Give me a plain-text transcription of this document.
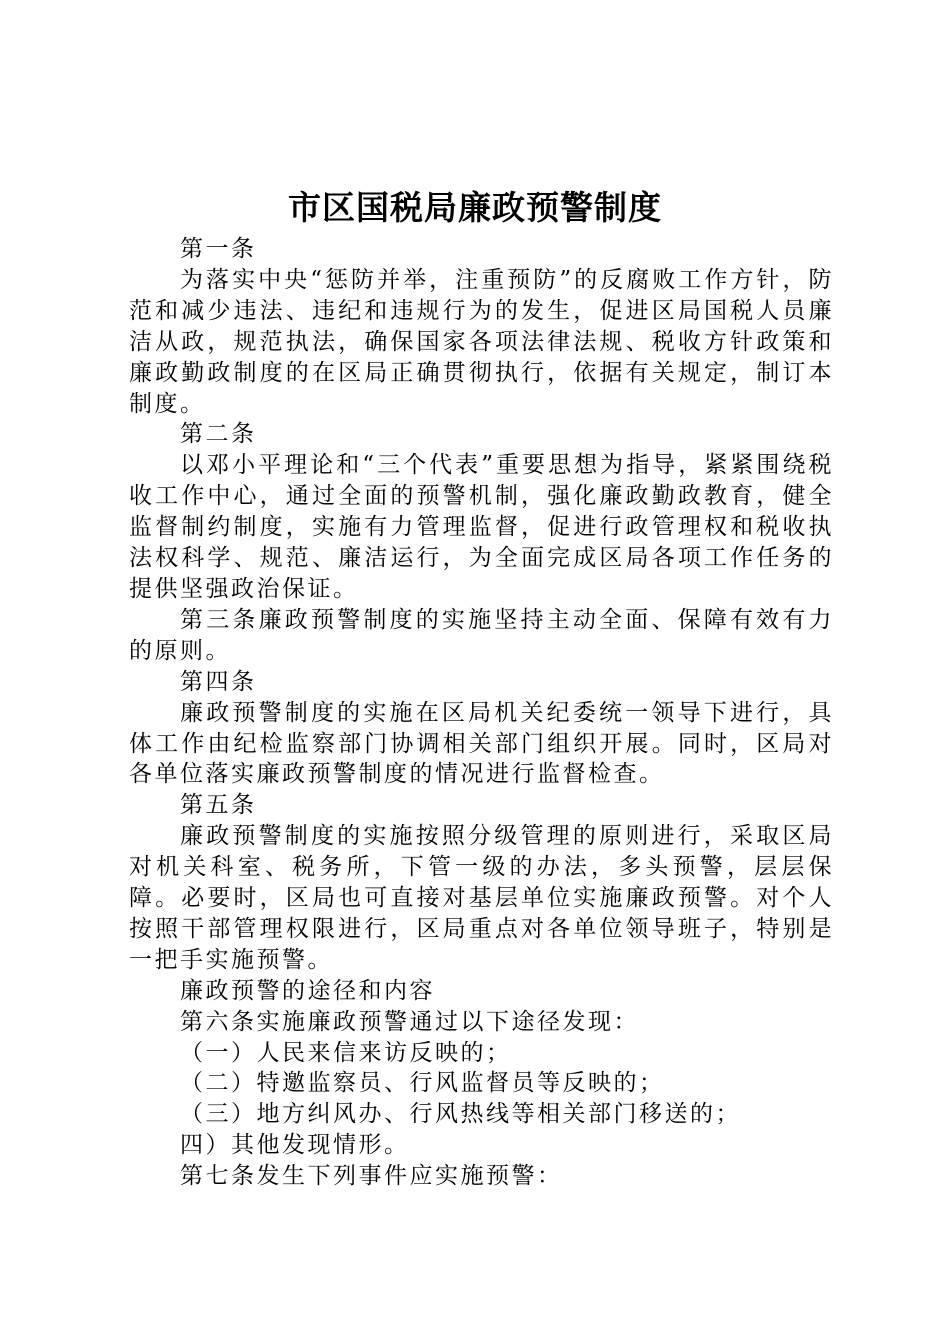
市区国税局廉政预警制度

第一条

为落实中央“惩防并举，注重预防”的反腐败工作方针，防范和减少违法、违纪和违规行为的发生，促进区局国税人员廉洁从政，规范执法，确保国家各项法律法规、税收方针政策和廉政勤政制度的在区局正确贯彻执行，依据有关规定，制订本制度。

第二条

以邓小平理论和“三个代表”重要思想为指导，紧紧围绕税收工作中心，通过全面的预警机制，强化廉政勤政教育，健全监督制约制度，实施有力管理监督，促进行政管理权和税收执法权科学、规范、廉洁运行，为全面完成区局各项工作任务的提供坚强政治保证。

第三条廉政预警制度的实施坚持主动全面、保障有效有力的原则。

第四条

廉政预警制度的实施在区局机关纪委统一领导下进行，具体工作由纪检监察部门协调相关部门组织开展。同时，区局对各单位落实廉政预警制度的情况进行监督检查。

第五条

廉政预警制度的实施按照分级管理的原则进行，采取区局对机关科室、税务所，下管一级的办法，多头预警，层层保障。必要时，区局也可直接对基层单位实施廉政预警。对个人按照干部管理权限进行，区局重点对各单位领导班子，特别是一把手实施预警。

廉政预警的途径和内容

第六条实施廉政预警通过以下途径发现：

（一）人民来信来访反映的；

（二）特邀监察员、行风监督员等反映的；

（三）地方纠风办、行风热线等相关部门移送的；

四）其他发现情形。

第七条发生下列事件应实施预警：
